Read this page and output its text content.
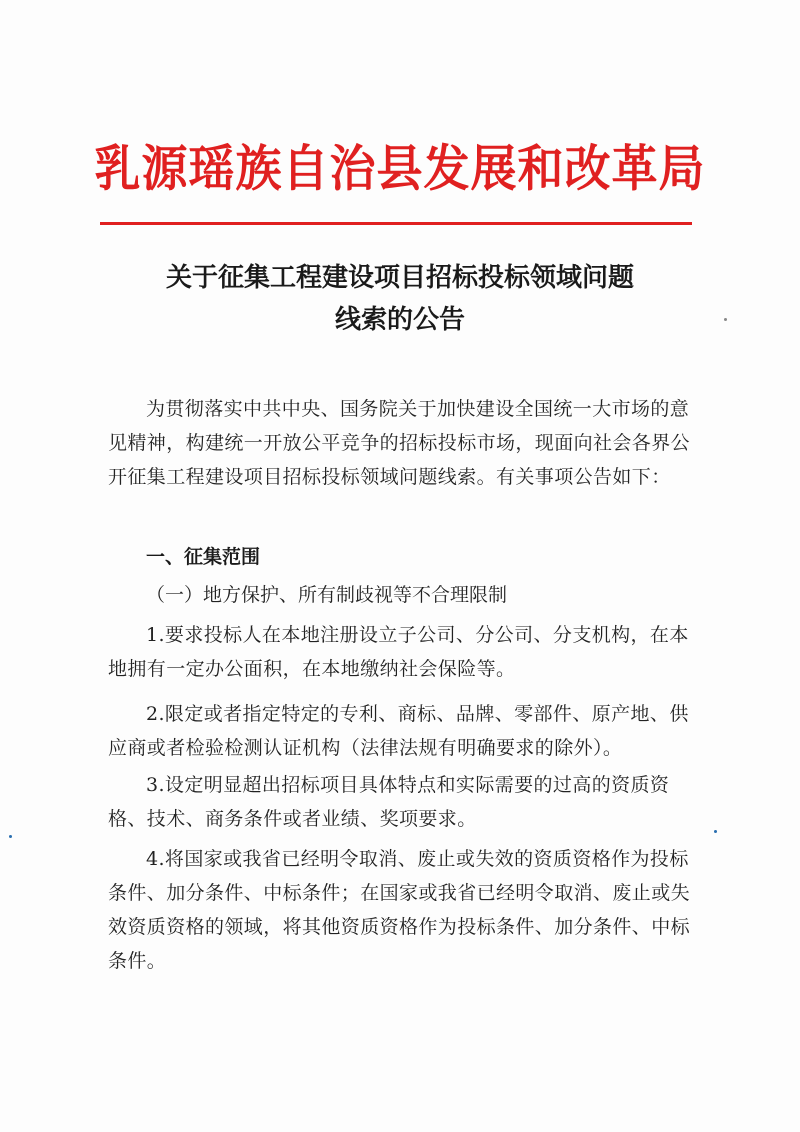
乳源瑶族自治县发展和改革局
关于征集工程建设项目招标投标领域问题
线索的公告
为贯彻落实中共中央、国务院关于加快建设全国统一大市场的意见精神，构建统一开放公平竞争的招标投标市场，现面向社会各界公开征集工程建设项目招标投标领域问题线索。有关事项公告如下：
一、征集范围
（一）地方保护、所有制歧视等不合理限制
1.要求投标人在本地注册设立子公司、分公司、分支机构，在本地拥有一定办公面积，在本地缴纳社会保险等。
2.限定或者指定特定的专利、商标、品牌、零部件、原产地、供应商或者检验检测认证机构（法律法规有明确要求的除外）。
3.设定明显超出招标项目具体特点和实际需要的过高的资质资格、技术、商务条件或者业绩、奖项要求。
4.将国家或我省已经明令取消、废止或失效的资质资格作为投标条件、加分条件、中标条件；在国家或我省已经明令取消、废止或失效资质资格的领域，将其他资质资格作为投标条件、加分条件、中标条件。
